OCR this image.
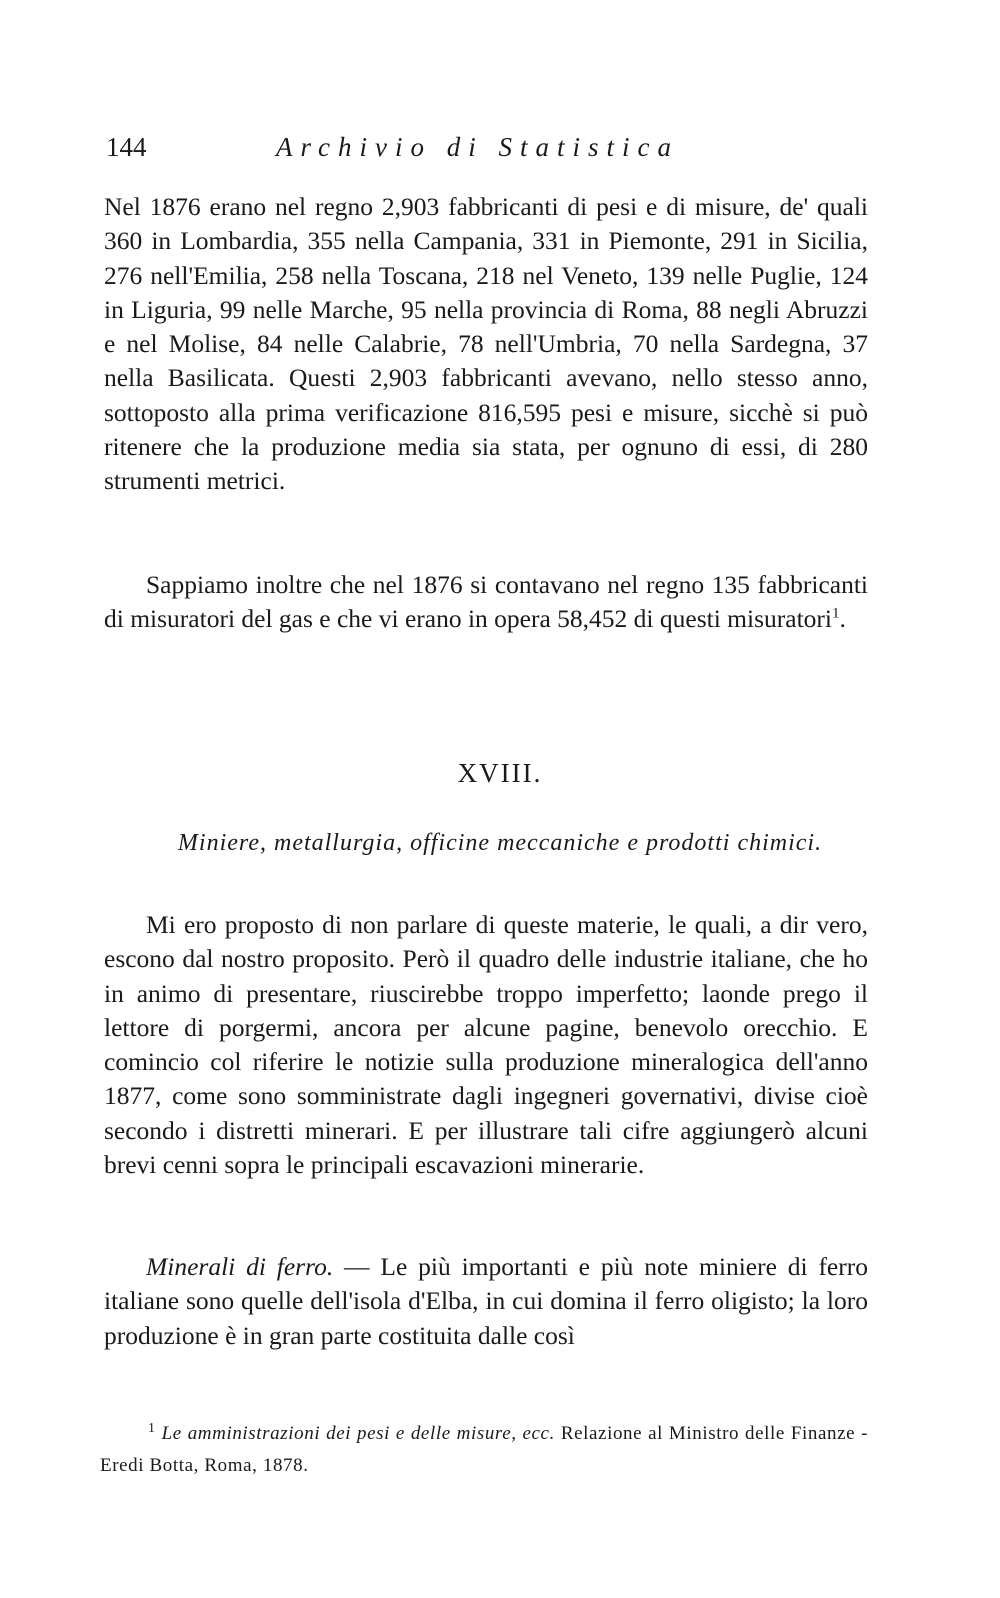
144	Archivio di Statistica

Nel 1876 erano nel regno 2,903 fabbricanti di pesi e di misure, de' quali 360 in Lombardia, 355 nella Campania, 331 in Piemonte, 291 in Sicilia, 276 nell'Emilia, 258 nella Toscana, 218 nel Veneto, 139 nelle Puglie, 124 in Liguria, 99 nelle Marche, 95 nella provincia di Roma, 88 negli Abruzzi e nel Molise, 84 nelle Calabrie, 78 nell'Umbria, 70 nella Sardegna, 37 nella Basilicata. Questi 2,903 fabbricanti avevano, nello stesso anno, sottoposto alla prima verificazione 816,595 pesi e misure, sicchè si può ritenere che la produzione media sia stata, per ognuno di essi, di 280 strumenti metrici.

Sappiamo inoltre che nel 1876 si contavano nel regno 135 fabbricanti di misuratori del gas e che vi erano in opera 58,452 di questi misuratori$^1$.

XVIII.
Miniere, metallurgia, officine meccaniche e prodotti chimici.

Mi ero proposto di non parlare di queste materie, le quali, a dir vero, escono dal nostro proposito. Però il quadro delle industrie italiane, che ho in animo di presentare, riuscirebbe troppo imperfetto; laonde prego il lettore di porgermi, ancora per alcune pagine, benevolo orecchio. E comincio col riferire le notizie sulla produzione mineralogica dell'anno 1877, come sono somministrate dagli ingegneri governativi, divise cioè secondo i distretti minerari. E per illustrare tali cifre aggiungerò alcuni brevi cenni sopra le principali escavazioni minerarie.

Minerali di ferro. — Le più importanti e più note miniere di ferro italiane sono quelle dell'isola d'Elba, in cui domina il ferro oligisto; la loro produzione è in gran parte costituita dalle così

$^1$ Le amministrazioni dei pesi e delle misure, ecc. Relazione al Ministro delle Finanze - Eredi Botta, Roma, 1878.
